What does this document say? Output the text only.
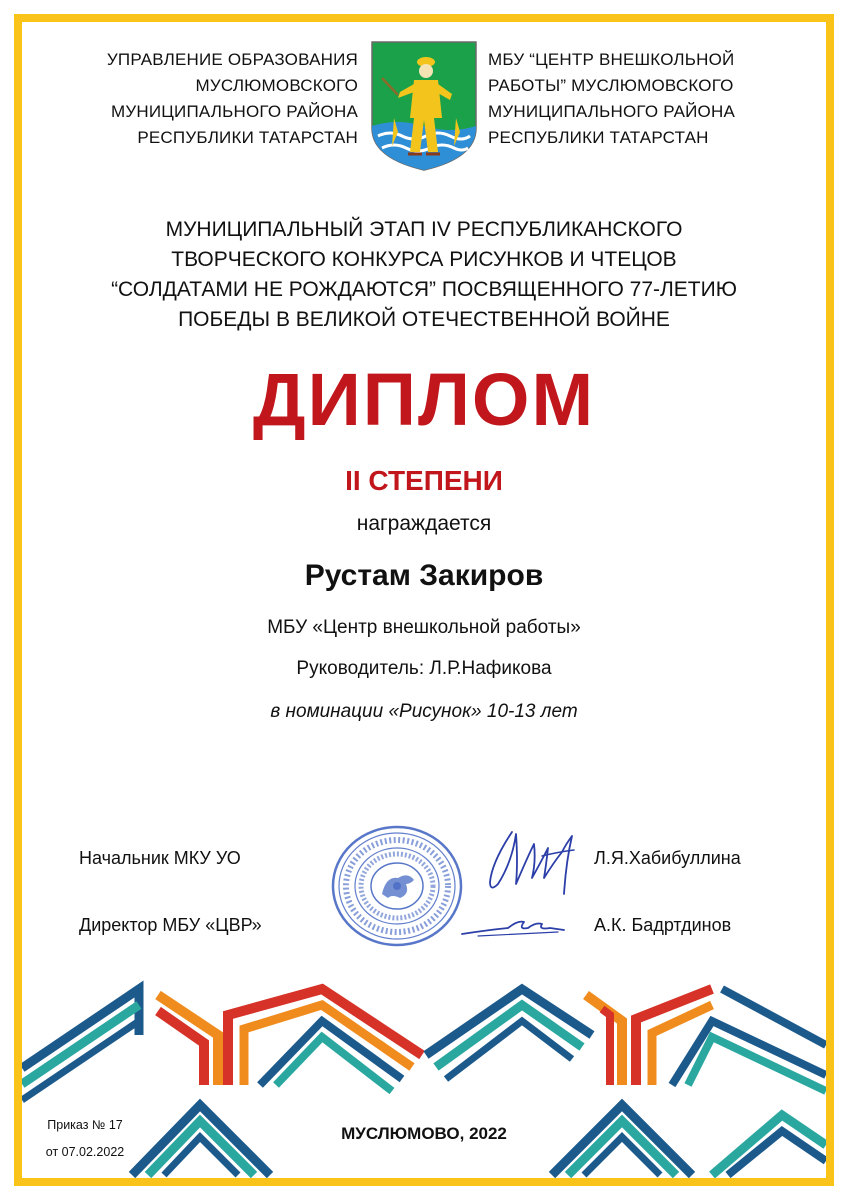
УПРАВЛЕНИЕ ОБРАЗОВАНИЯ
МУСЛЮМОВСКОГО
МУНИЦИПАЛЬНОГО РАЙОНА
РЕСПУБЛИКИ ТАТАРСТАН
МБУ “ЦЕНТР ВНЕШКОЛЬНОЙ
РАБОТЫ” МУСЛЮМОВСКОГО
МУНИЦИПАЛЬНОГО РАЙОНА
РЕСПУБЛИКИ ТАТАРСТАН
МУНИЦИПАЛЬНЫЙ ЭТАП IV РЕСПУБЛИКАНСКОГО
ТВОРЧЕСКОГО КОНКУРСА РИСУНКОВ И ЧТЕЦОВ
“СОЛДАТАМИ НЕ РОЖДАЮТСЯ” ПОСВЯЩЕННОГО 77-ЛЕТИЮ
ПОБЕДЫ В ВЕЛИКОЙ ОТЕЧЕСТВЕННОЙ ВОЙНЕ
ДИПЛОМ
II СТЕПЕНИ
награждается
Рустам Закиров
МБУ «Центр внешкольной работы»
Руководитель: Л.Р.Нафикова
в номинации «Рисунок» 10-13 лет
Начальник МКУ УО	Л.Я.Хабибуллина
Директор МБУ «ЦВР»	А.К. Бадртдинов
Приказ № 17
от 07.02.2022
МУСЛЮМОВО, 2022
